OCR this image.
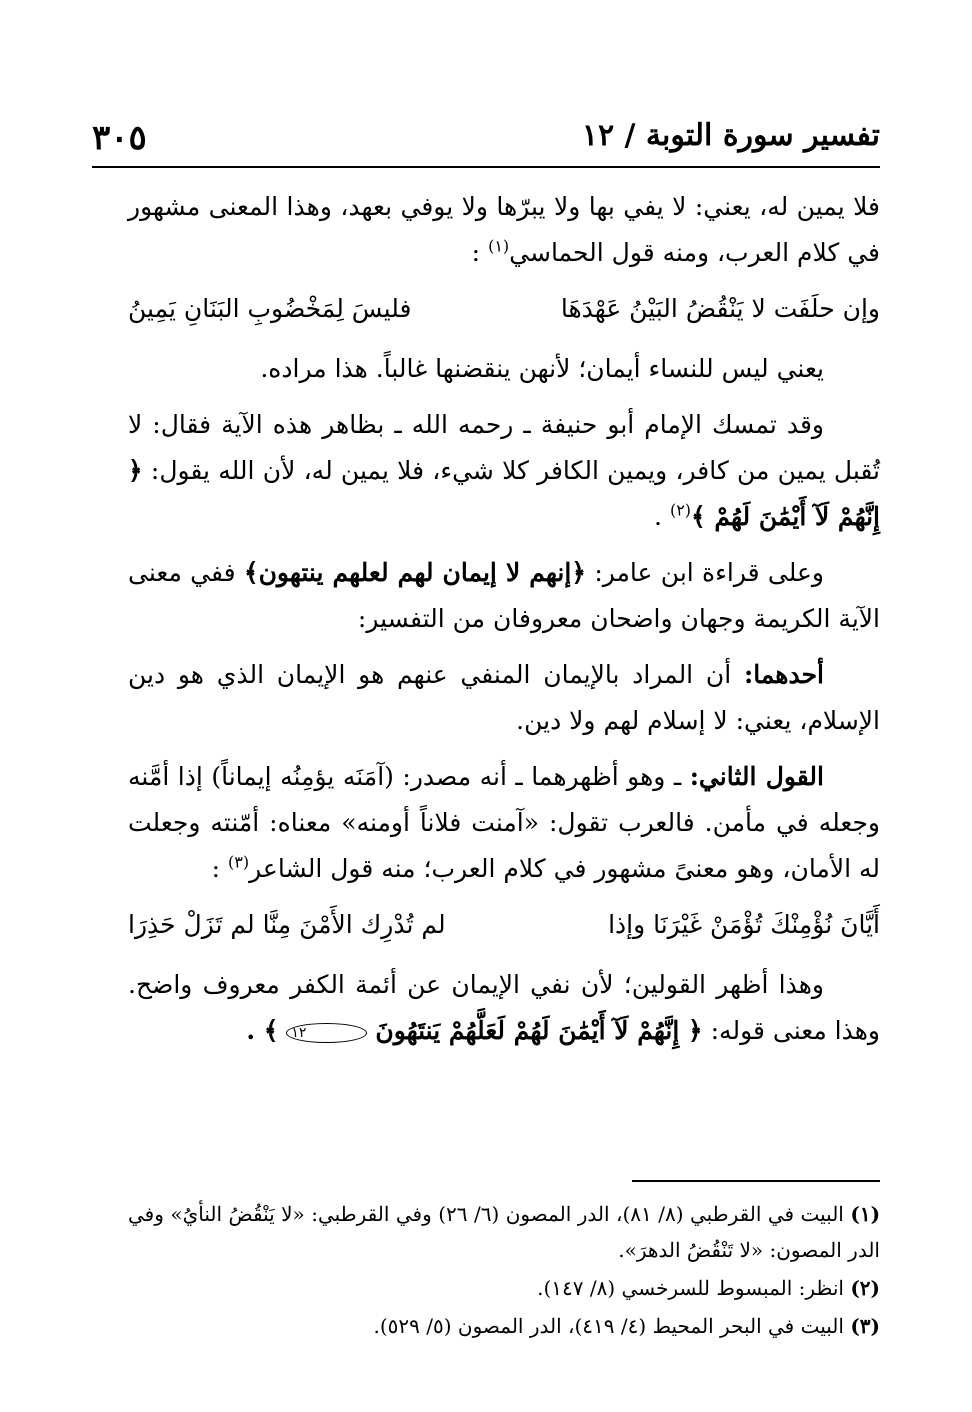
تفسير سورة التوبة / ١٢
٣٠٥

فلا يمين له، يعني: لا يفي بها ولا يبرّها ولا يوفي بعهد، وهذا المعنى مشهور في كلام العرب، ومنه قول الحماسي$^{(١)}$ :

وإن حلَفَت لا يَنْقُضُ البَيْنُ عَهْدَهَا
فليسَ لِمَخْضُوبِ البَنَانِ يَمِينُ

يعني ليس للنساء أيمان؛ لأنهن ينقضنها غالباً. هذا مراده.

وقد تمسك الإمام أبو حنيفة ـ رحمه الله ـ بظاهر هذه الآية فقال: لا تُقبل يمين من كافر، ويمين الكافر كلا شيء، فلا يمين له، لأن الله يقول: ﴿ إِنَّهُمْ لَآ أَيْمَٰنَ لَهُمْ ﴾$^{(٢)}$ .

وعلى قراءة ابن عامر: ﴿إنهم لا إيمان لهم لعلهم ينتهون﴾ ففي معنى الآية الكريمة وجهان واضحان معروفان من التفسير:

أحدهما: أن المراد بالإيمان المنفي عنهم هو الإيمان الذي هو دين الإسلام، يعني: لا إسلام لهم ولا دين.

القول الثاني: ـ وهو أظهرهما ـ أنه مصدر: (آمَنَه يؤمِنُه إيماناً) إذا أمَّنه وجعله في مأمن. فالعرب تقول: «آمنت فلاناً أومنه» معناه: أمّنته وجعلت له الأمان، وهو معنىً مشهور في كلام العرب؛ منه قول الشاعر$^{(٣)}$ :

أَيَّانَ نُؤْمِنْكَ تُؤْمَنْ غَيْرَنَا وإذا
لم تُدْرِك الأَمْنَ مِنَّا لم تَزَلْ حَذِرَا

وهذا أظهر القولين؛ لأن نفي الإيمان عن أئمة الكفر معروف واضح. وهذا معنى قوله: ﴿ إِنَّهُمْ لَآ أَيْمَٰنَ لَهُمْ لَعَلَّهُمْ يَنتَهُونَ ١٢ ﴾ .

(١) البيت في القرطبي (٨/ ٨١)، الدر المصون (٦/ ٢٦) وفي القرطبي: «لا يَنْقُضُ النأيُ» وفي الدر المصون: «لا تَنْقُضُ الدهرَ».

(٢) انظر: المبسوط للسرخسي (٨/ ١٤٧).

(٣) البيت في البحر المحيط (٤/ ٤١٩)، الدر المصون (٥/ ٥٢٩).
